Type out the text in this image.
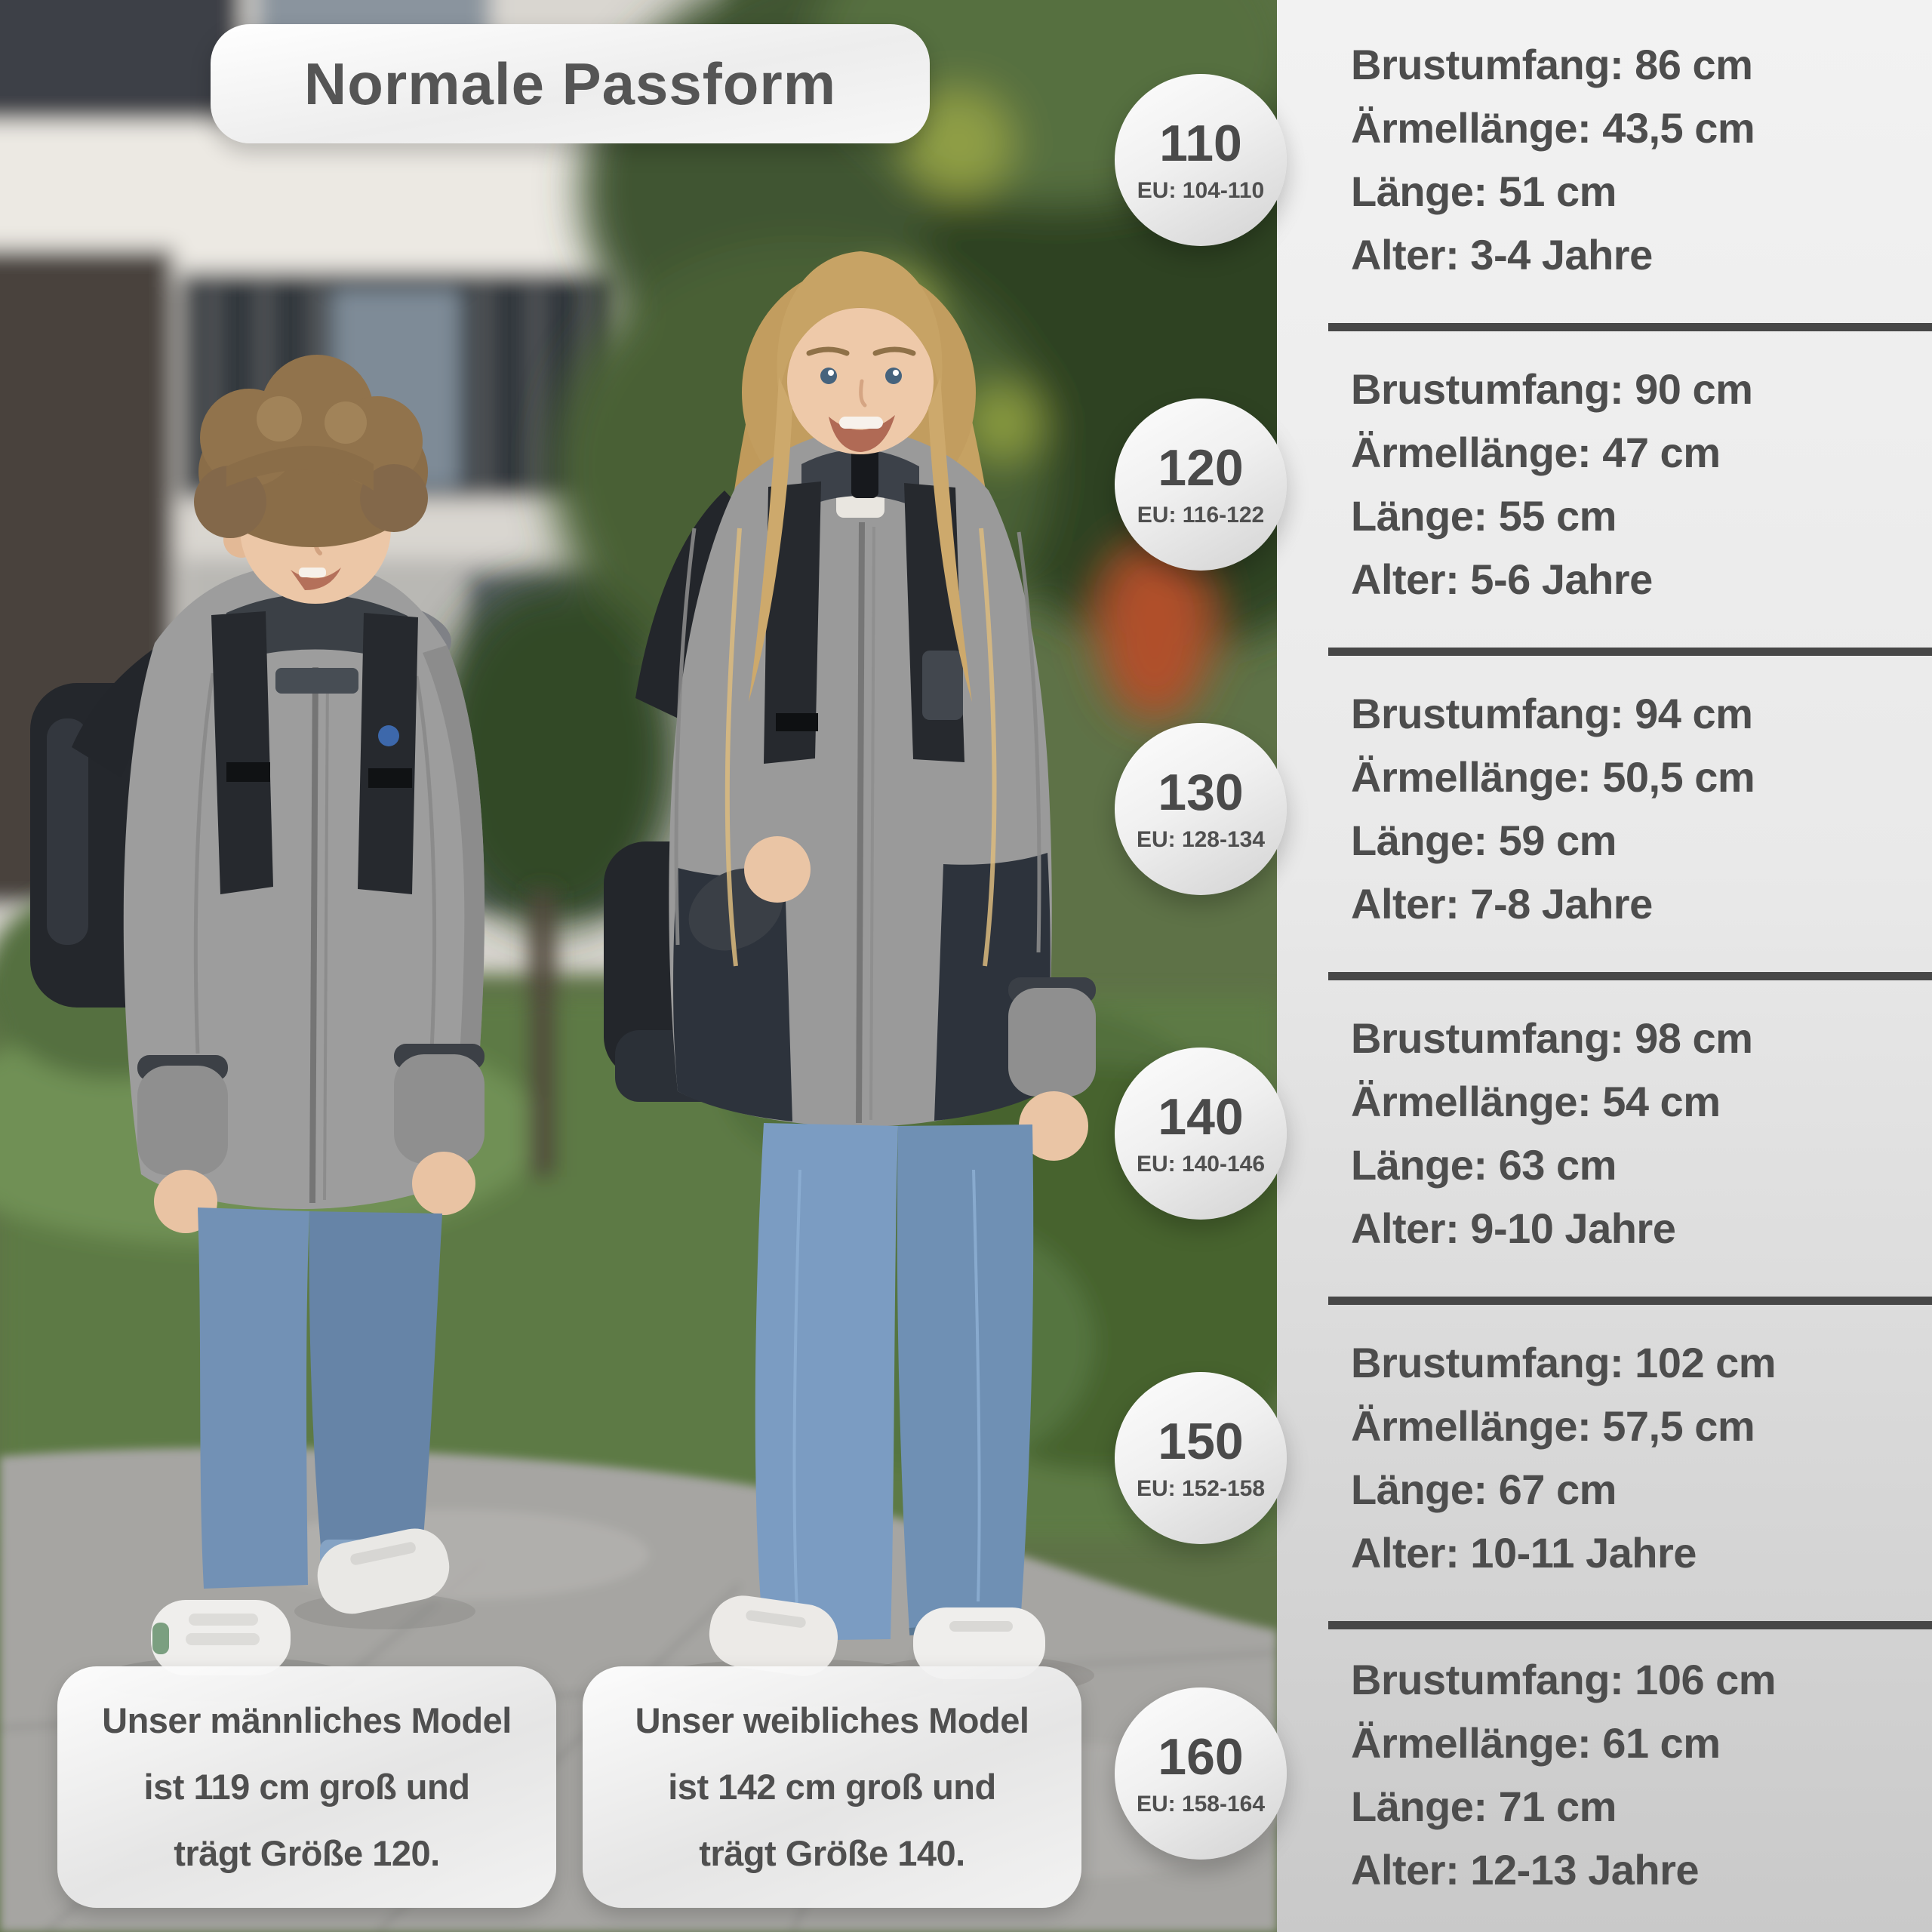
Brustumfang: 86 cm
Ärmellänge: 43,5 cm
Länge: 51 cm
Alter: 3-4 Jahre
Brustumfang: 90 cm
Ärmellänge: 47 cm
Länge: 55 cm
Alter: 5-6 Jahre
Brustumfang: 94 cm
Ärmellänge: 50,5 cm
Länge: 59 cm
Alter: 7-8 Jahre
Brustumfang: 98 cm
Ärmellänge: 54 cm
Länge: 63 cm
Alter: 9-10 Jahre
Brustumfang: 102 cm
Ärmellänge: 57,5 cm
Länge: 67 cm
Alter: 10-11 Jahre
Brustumfang: 106 cm
Ärmellänge: 61 cm
Länge: 71 cm
Alter: 12-13 Jahre
110
EU: 104-110
120
EU: 116-122
130
EU: 128-134
140
EU: 140-146
150
EU: 152-158
160
EU: 158-164
Normale Passform
Unser männliches Model
ist 119 cm groß und
trägt Größe 120.
Unser weibliches Model
ist 142 cm groß und
trägt Größe 140.
